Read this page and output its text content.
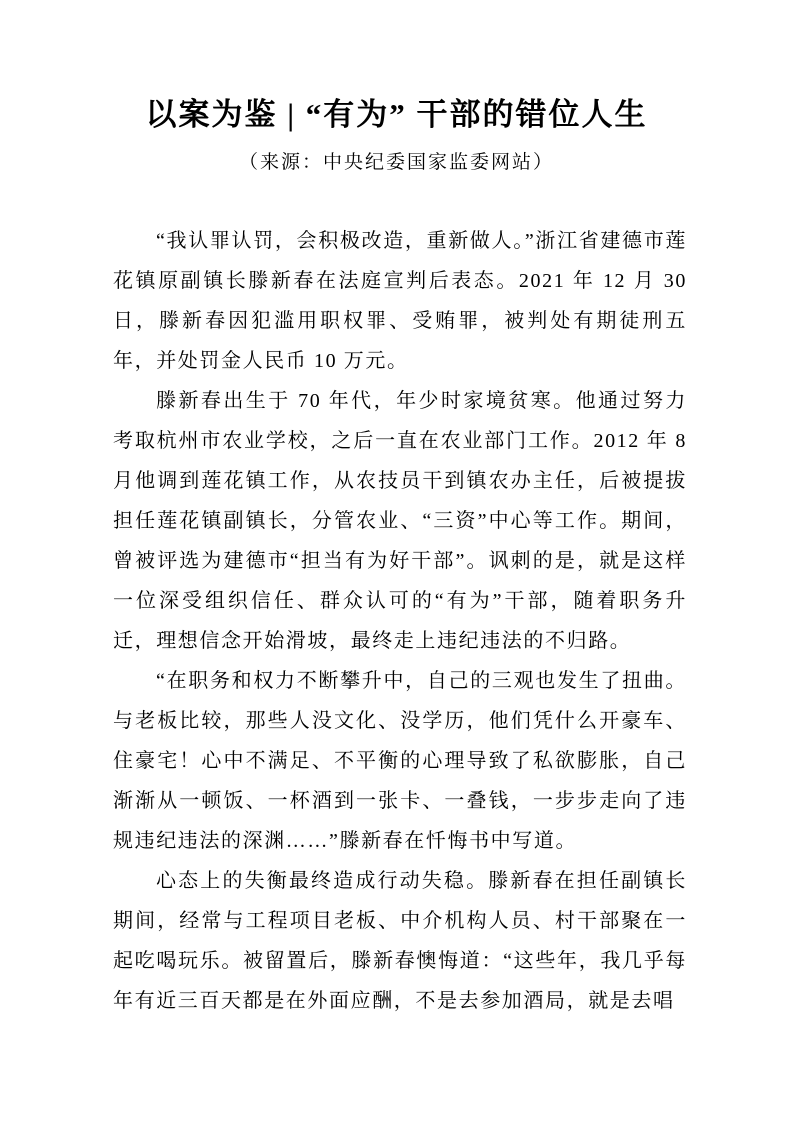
以案为鉴 | “有为” 干部的错位人生
（来源：中央纪委国家监委网站）

“我认罪认罚，会积极改造，重新做人。”浙江省建德市莲花镇原副镇长滕新春在法庭宣判后表态。2021 年 12 月 30 日，滕新春因犯滥用职权罪、受贿罪，被判处有期徒刑五年，并处罚金人民币 10 万元。

滕新春出生于 70 年代，年少时家境贫寒。他通过努力考取杭州市农业学校，之后一直在农业部门工作。2012 年 8 月他调到莲花镇工作，从农技员干到镇农办主任，后被提拔担任莲花镇副镇长，分管农业、“三资”中心等工作。期间，曾被评选为建德市“担当有为好干部”。讽刺的是，就是这样一位深受组织信任、群众认可的“有为”干部，随着职务升迁，理想信念开始滑坡，最终走上违纪违法的不归路。

“在职务和权力不断攀升中，自己的三观也发生了扭曲。与老板比较，那些人没文化、没学历，他们凭什么开豪车、住豪宅！心中不满足、不平衡的心理导致了私欲膨胀，自己渐渐从一顿饭、一杯酒到一张卡、一叠钱，一步步走向了违规违纪违法的深渊……”滕新春在忏悔书中写道。

心态上的失衡最终造成行动失稳。滕新春在担任副镇长期间，经常与工程项目老板、中介机构人员、村干部聚在一起吃喝玩乐。被留置后，滕新春懊悔道：“这些年，我几乎每年有近三百天都是在外面应酬，不是去参加酒局，就是去唱
